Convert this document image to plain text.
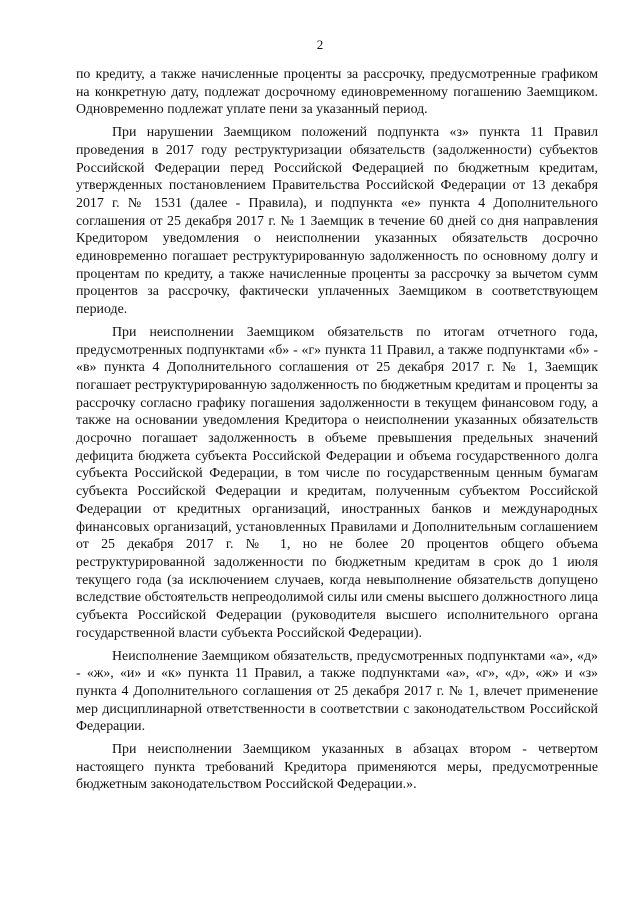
2

по кредиту, а также начисленные проценты за рассрочку, предусмотренные графиком на конкретную дату, подлежат досрочному единовременному погашению Заемщиком. Одновременно подлежат уплате пени за указанный период.

При нарушении Заемщиком положений подпункта «з» пункта 11 Правил проведения в 2017 году реструктуризации обязательств (задолженности) субъектов Российской Федерации перед Российской Федерацией по бюджетным кредитам, утвержденных постановлением Правительства Российской Федерации от 13 декабря 2017 г. № 1531 (далее - Правила), и подпункта «е» пункта 4 Дополнительного соглашения от 25 декабря 2017 г. № 1 Заемщик в течение 60 дней со дня направления Кредитором уведомления о неисполнении указанных обязательств досрочно единовременно погашает реструктурированную задолженность по основному долгу и процентам по кредиту, а также начисленные проценты за рассрочку за вычетом сумм процентов за рассрочку, фактически уплаченных Заемщиком в соответствующем периоде.

При неисполнении Заемщиком обязательств по итогам отчетного года, предусмотренных подпунктами «б» - «г» пункта 11 Правил, а также подпунктами «б» - «в» пункта 4 Дополнительного соглашения от 25 декабря 2017 г. № 1, Заемщик погашает реструктурированную задолженность по бюджетным кредитам и проценты за рассрочку согласно графику погашения задолженности в текущем финансовом году, а также на основании уведомления Кредитора о неисполнении указанных обязательств досрочно погашает задолженность в объеме превышения предельных значений дефицита бюджета субъекта Российской Федерации и объема государственного долга субъекта Российской Федерации, в том числе по государственным ценным бумагам субъекта Российской Федерации и кредитам, полученным субъектом Российской Федерации от кредитных организаций, иностранных банков и международных финансовых организаций, установленных Правилами и Дополнительным соглашением от 25 декабря 2017 г. № 1, но не более 20 процентов общего объема реструктурированной задолженности по бюджетным кредитам в срок до 1 июля текущего года (за исключением случаев, когда невыполнение обязательств допущено вследствие обстоятельств непреодолимой силы или смены высшего должностного лица субъекта Российской Федерации (руководителя высшего исполнительного органа государственной власти субъекта Российской Федерации).

Неисполнение Заемщиком обязательств, предусмотренных подпунктами «а», «д» - «ж», «и» и «к» пункта 11 Правил, а также подпунктами «а», «г», «д», «ж» и «з» пункта 4 Дополнительного соглашения от 25 декабря 2017 г. № 1, влечет применение мер дисциплинарной ответственности в соответствии с законодательством Российской Федерации.

При неисполнении Заемщиком указанных в абзацах втором - четвертом настоящего пункта требований Кредитора применяются меры, предусмотренные бюджетным законодательством Российской Федерации.».
